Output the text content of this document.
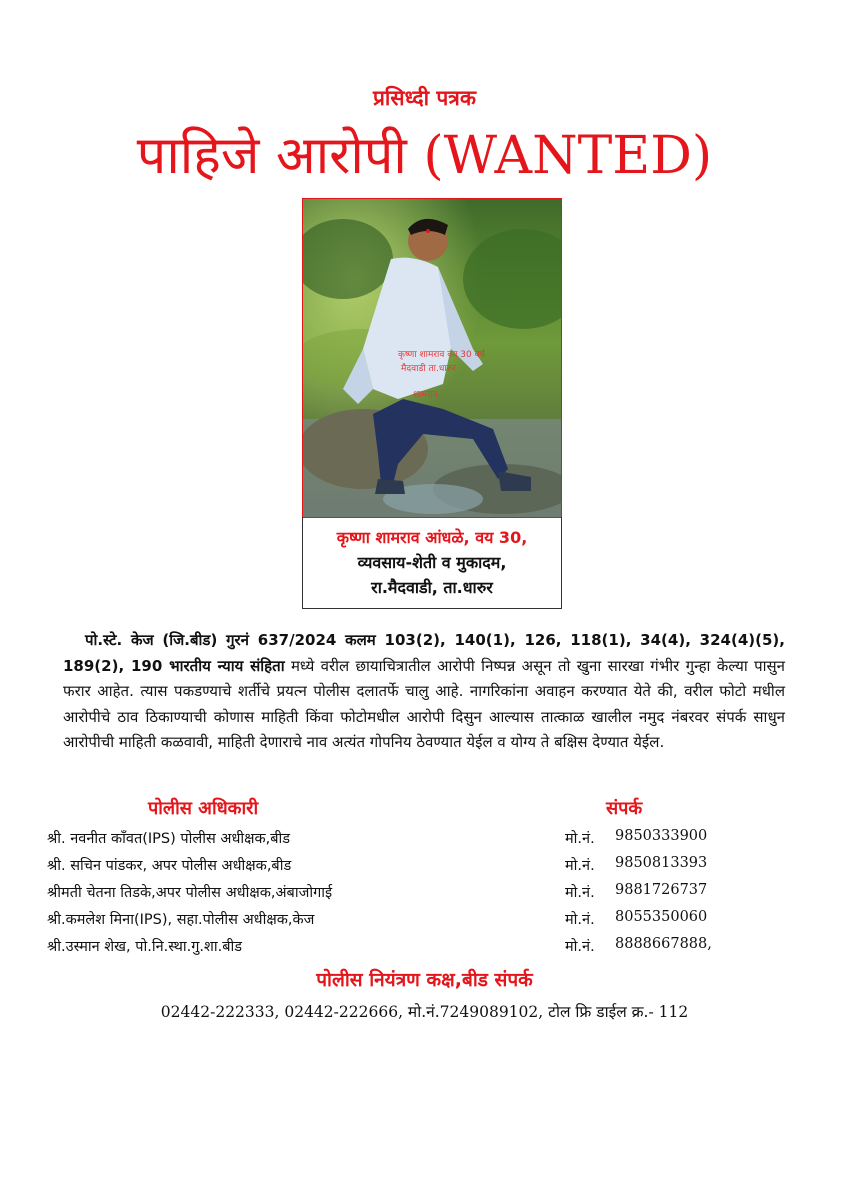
प्रसिध्दी पत्रक
पाहिजे आरोपी (WANTED)
कृष्णा शामराव वय 30 वर्ष
मैदवाडी ता.धारुर
शामराव
कृष्णा शामराव आंधळे, वय 30,
व्यवसाय-शेती व मुकादम,
रा.मैदवाडी, ता.धारुर
पो.स्टे. केज (जि.बीड) गुरनं 637/2024 कलम 103(2), 140(1), 126, 118(1), 34(4), 324(4)(5), 189(2), 190 भारतीय न्याय संहिता मध्ये वरील छायाचित्रातील आरोपी निष्पन्न असून तो खुना सारखा गंभीर गुन्हा केल्या पासुन फरार आहेत. त्यास पकडण्याचे शर्तीचे प्रयत्न पोलीस दलातर्फे चालु आहे. नागरिकांना अवाहन करण्यात येते की, वरील फोटो मधील आरोपीचे ठाव ठिकाण्याची कोणास माहिती किंवा फोटोमधील आरोपी दिसुन आल्यास तात्काळ खालील नमुद नंबरवर संपर्क साधुन आरोपीची माहिती कळवावी, माहिती देणाराचे नाव अत्यंत गोपनिय ठेवण्यात येईल व योग्य ते बक्षिस देण्यात येईल.
पोलीस अधिकारी	संपर्क
श्री. नवनीत काँवत(IPS) पोलीस अधीक्षक,बीड	मो.नं. 9850333900
श्री. सचिन पांडकर, अपर पोलीस अधीक्षक,बीड	मो.नं. 9850813393
श्रीमती चेतना तिडके,अपर पोलीस अधीक्षक,अंबाजोगाई	मो.नं. 9881726737
श्री.कमलेश मिना(IPS), सहा.पोलीस अधीक्षक,केज	मो.नं. 8055350060
श्री.उस्मान शेख, पो.नि.स्था.गु.शा.बीड	मो.नं. 8888667888,
पोलीस नियंत्रण कक्ष,बीड संपर्क
02442-222333, 02442-222666, मो.नं.7249089102, टोल फ्रि डाईल क्र.- 112
